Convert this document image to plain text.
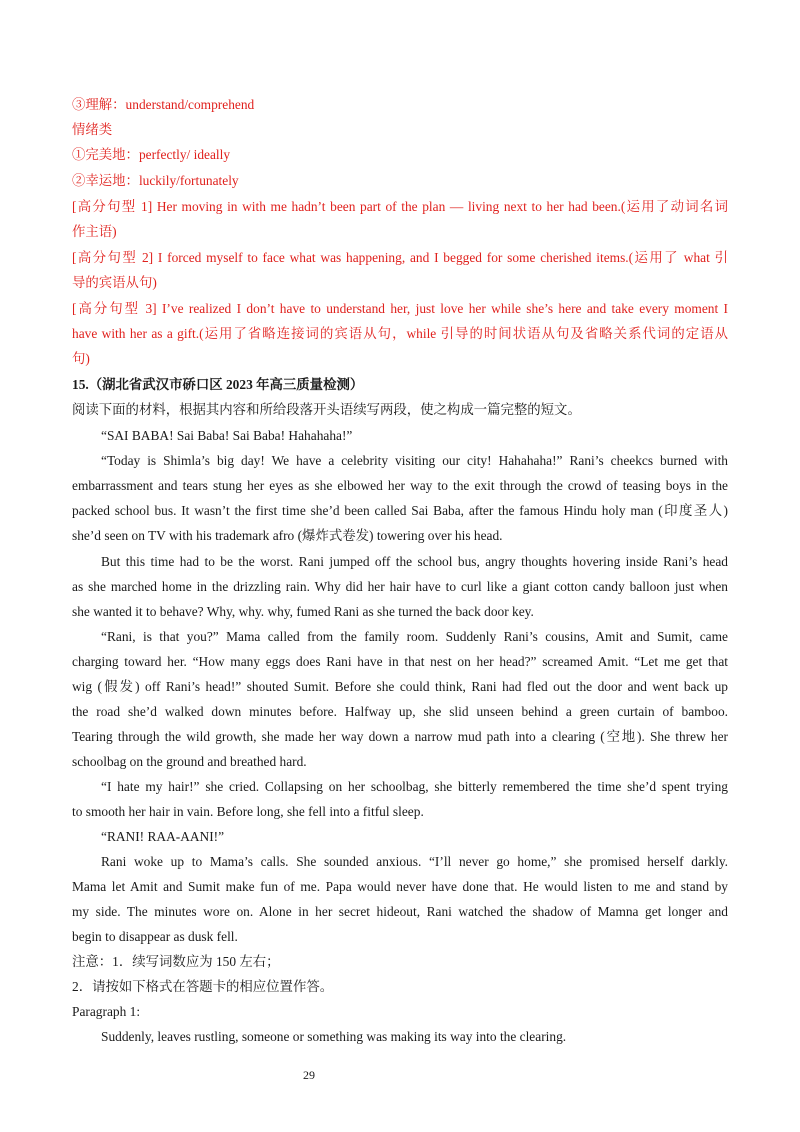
③理解：understand/comprehend
情绪类
①完美地：perfectly/ ideally
②幸运地：luckily/fortunately
[高分句型 1] Her moving in with me hadn’t been part of the plan — living next to her had been.(运用了动词名词
作主语)
[高分句型 2] I forced myself to face what was happening, and I begged for some cherished items.(运用了 what 引
导的宾语从句)
[高分句型 3] I’ve realized I don’t have to understand her, just love her while she’s here and take every moment I
have with her as a gift.(运用了省略连接词的宾语从句，while 引导的时间状语从句及省略关系代词的定语从
句)
15.（湖北省武汉市硚口区 2023 年高三质量检测）
阅读下面的材料，根据其内容和所给段落开头语续写两段，使之构成一篇完整的短文。
“SAI BABA! Sai Baba! Sai Baba! Hahahaha!”
“Today is Shimla’s big day! We have a celebrity visiting our city! Hahahaha!” Rani’s cheekcs burned with
embarrassment and tears stung her eyes as she elbowed her way to the exit through the crowd of teasing boys in the
packed school bus. It wasn’t the first time she’d been called Sai Baba, after the famous Hindu holy man (印度圣人)
she’d seen on TV with his trademark afro (爆炸式卷发) towering over his head.
But this time had to be the worst. Rani jumped off the school bus, angry thoughts hovering inside Rani’s head
as she marched home in the drizzling rain. Why did her hair have to curl like a giant cotton candy balloon just when
she wanted it to behave? Why, why. why, fumed Rani as she turned the back door key.
“Rani, is that you?” Mama called from the family room. Suddenly Rani’s cousins, Amit and Sumit, came
charging toward her. “How many eggs does Rani have in that nest on her head?” screamed Amit. “Let me get that
wig (假发) off Rani’s head!” shouted Sumit. Before she could think, Rani had fled out the door and went back up
the road she’d walked down minutes before. Halfway up, she slid unseen behind a green curtain of bamboo.
Tearing through the wild growth, she made her way down a narrow mud path into a clearing (空地). She threw her
schoolbag on the ground and breathed hard.
“I hate my hair!” she cried. Collapsing on her schoolbag, she bitterly remembered the time she’d spent trying
to smooth her hair in vain. Before long, she fell into a fitful sleep.
“RANI! RAA-AANI!”
Rani woke up to Mama’s calls. She sounded anxious. “I’ll never go home,” she promised herself darkly.
Mama let Amit and Sumit make fun of me. Papa would never have done that. He would listen to me and stand by
my side. The minutes wore on. Alone in her secret hideout, Rani watched the shadow of Mamna get longer and
begin to disappear as dusk fell.
注意：1．续写词数应为 150 左右；
2．请按如下格式在答题卡的相应位置作答。
Paragraph 1:
Suddenly, leaves rustling, someone or something was making its way into the clearing.
29
